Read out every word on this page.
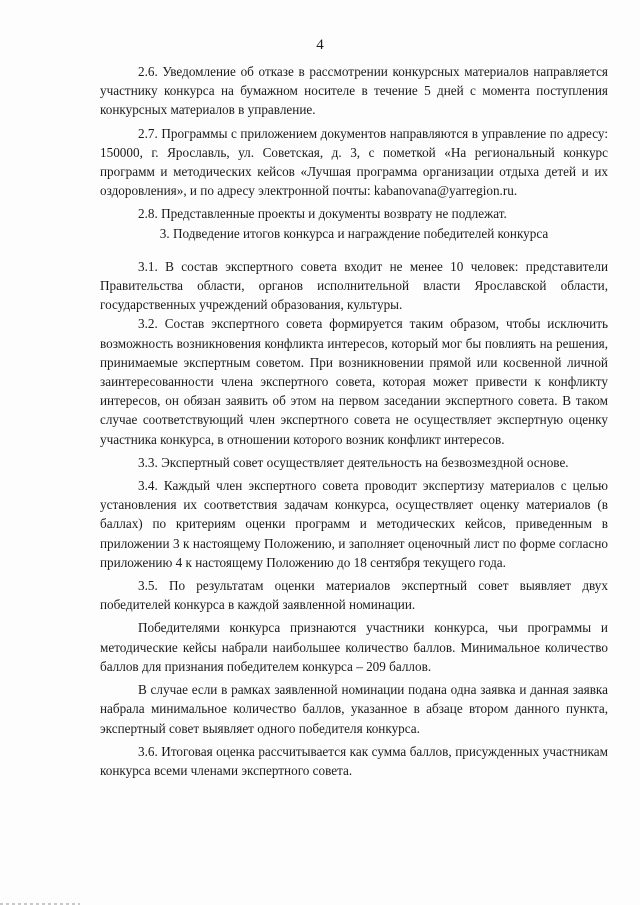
4

2.6. Уведомление об отказе в рассмотрении конкурсных материалов направляется участнику конкурса на бумажном носителе в течение 5 дней с момента поступления конкурсных материалов в управление.

2.7. Программы с приложением документов направляются в управление по адресу: 150000, г. Ярославль, ул. Советская, д. 3, с пометкой «На региональный конкурс программ и методических кейсов «Лучшая программа организации отдыха детей и их оздоровления», и по адресу электронной почты: kabanovana@yarregion.ru.

2.8. Представленные проекты и документы возврату не подлежат.

3. Подведение итогов конкурса и награждение победителей конкурса

3.1. В состав экспертного совета входит не менее 10 человек: представители Правительства области, органов исполнительной власти Ярославской области, государственных учреждений образования, культуры.

3.2. Состав экспертного совета формируется таким образом, чтобы исключить возможность возникновения конфликта интересов, который мог бы повлиять на решения, принимаемые экспертным советом. При возникновении прямой или косвенной личной заинтересованности члена экспертного совета, которая может привести к конфликту интересов, он обязан заявить об этом на первом заседании экспертного совета. В таком случае соответствующий член экспертного совета не осуществляет экспертную оценку участника конкурса, в отношении которого возник конфликт интересов.

3.3. Экспертный совет осуществляет деятельность на безвозмездной основе.

3.4. Каждый член экспертного совета проводит экспертизу материалов с целью установления их соответствия задачам конкурса, осуществляет оценку материалов (в баллах) по критериям оценки программ и методических кейсов, приведенным в приложении 3 к настоящему Положению, и заполняет оценочный лист по форме согласно приложению 4 к настоящему Положению до 18 сентября текущего года.

3.5. По результатам оценки материалов экспертный совет выявляет двух победителей конкурса в каждой заявленной номинации.

Победителями конкурса признаются участники конкурса, чьи программы и методические кейсы набрали наибольшее количество баллов. Минимальное количество баллов для признания победителем конкурса – 209 баллов.

В случае если в рамках заявленной номинации подана одна заявка и данная заявка набрала минимальное количество баллов, указанное в абзаце втором данного пункта, экспертный совет выявляет одного победителя конкурса.

3.6. Итоговая оценка рассчитывается как сумма баллов, присужденных участникам конкурса всеми членами экспертного совета.
